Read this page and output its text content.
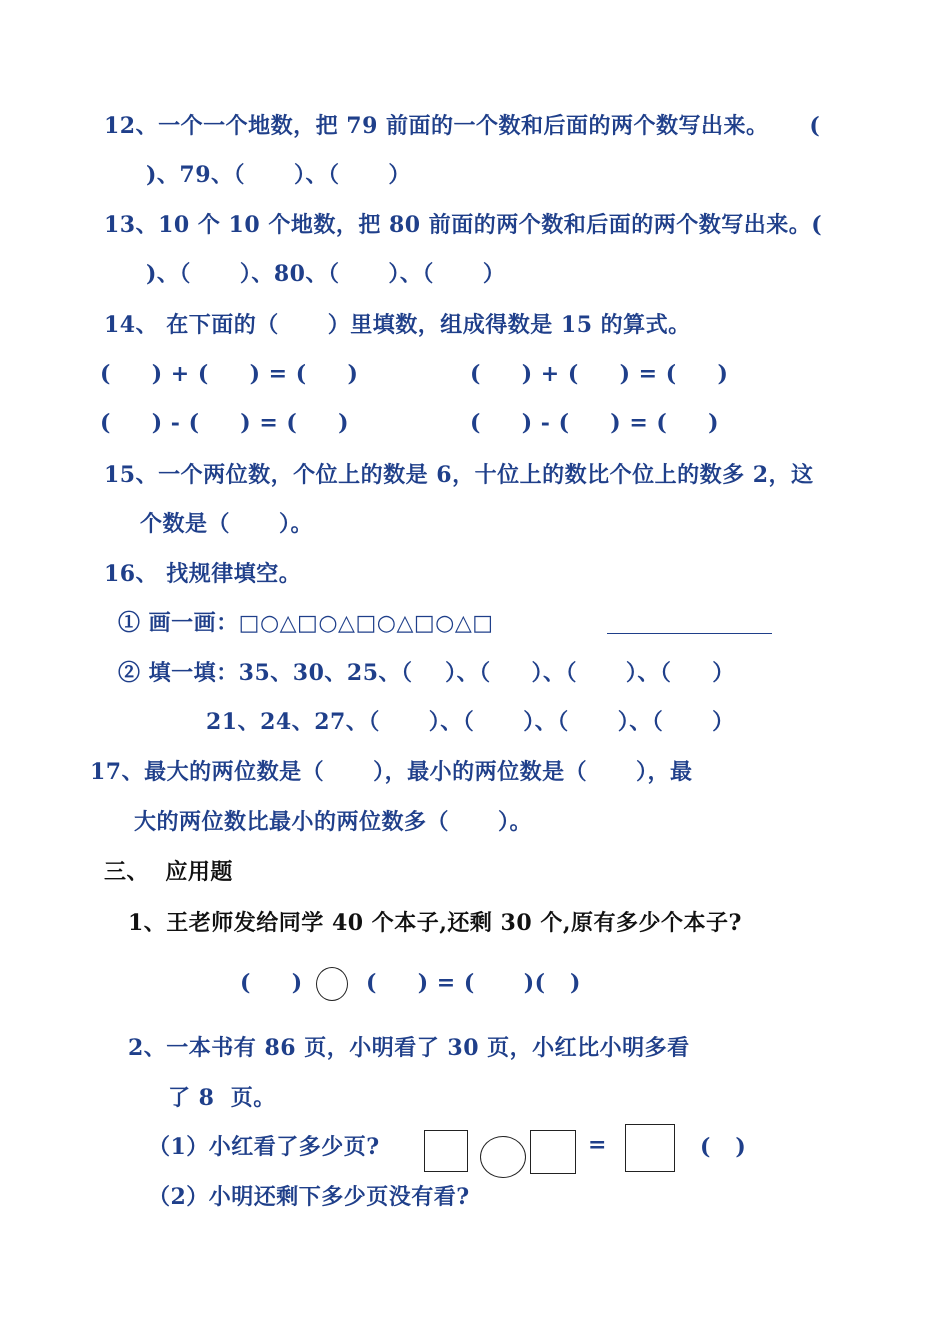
12、一个一个地数，把 79 前面的一个数和后面的两个数写出来。     (
)、79、（      ）、（      ）
13、10 个 10 个地数，把 80 前面的两个数和后面的两个数写出来。(
)、（      ）、80、（      ）、（      ）
14、 在下面的（      ）里填数，组成得数是 15 的算式。
(     ) + (     ) = (     )	(     ) + (     ) = (     )
(     ) - (     ) = (     )	(     ) - (     ) = (     )
15、一个两位数，个位上的数是 6，十位上的数比个位上的数多 2，这
个数是（      ）。
16、 找规律填空。
① 画一画：□○△□○△□○△□○△□
② 填一填：35、30、25、（    ）、（     ）、（      ）、（     ）
21、24、27、（      ）、（      ）、（      ）、（      ）
17、最大的两位数是（      ），最小的两位数是（      ），最
大的两位数比最小的两位数多（      ）。
三、  应用题
1、王老师发给同学 40 个本子,还剩 30 个,原有多少个本子?
(     )	(     ) = (      )(   )
2、一本书有 86 页，小明看了 30 页，小红比小明多看
了 8  页。
（1）小红看了多少页?	=	(   )
（2）小明还剩下多少页没有看?
